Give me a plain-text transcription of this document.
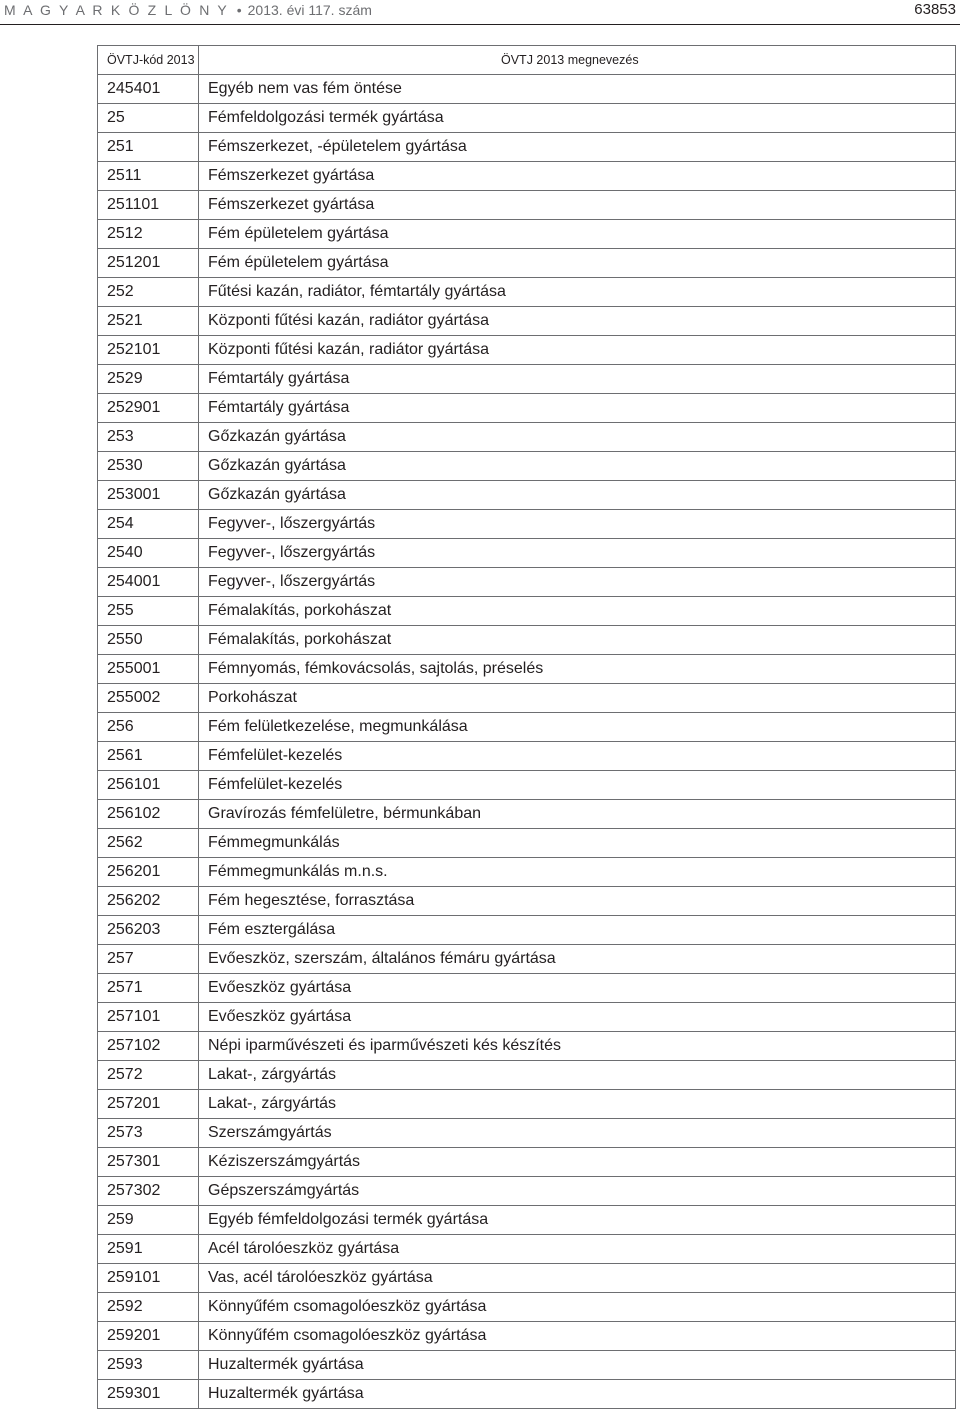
M A G Y A R K Ö Z L Ö N Y • 2013. évi 117. szám	63853
ÖVTJ-kód 2013	ÖVTJ 2013 megnevezés
245401	Egyéb nem vas fém öntése
25	Fémfeldolgozási termék gyártása
251	Fémszerkezet, -épületelem gyártása
2511	Fémszerkezet gyártása
251101	Fémszerkezet gyártása
2512	Fém épületelem gyártása
251201	Fém épületelem gyártása
252	Fűtési kazán, radiátor, fémtartály gyártása
2521	Központi fűtési kazán, radiátor gyártása
252101	Központi fűtési kazán, radiátor gyártása
2529	Fémtartály gyártása
252901	Fémtartály gyártása
253	Gőzkazán gyártása
2530	Gőzkazán gyártása
253001	Gőzkazán gyártása
254	Fegyver-, lőszergyártás
2540	Fegyver-, lőszergyártás
254001	Fegyver-, lőszergyártás
255	Fémalakítás, porkohászat
2550	Fémalakítás, porkohászat
255001	Fémnyomás, fémkovácsolás, sajtolás, préselés
255002	Porkohászat
256	Fém felületkezelése, megmunkálása
2561	Fémfelület-kezelés
256101	Fémfelület-kezelés
256102	Gravírozás fémfelületre, bérmunkában
2562	Fémmegmunkálás
256201	Fémmegmunkálás m.n.s.
256202	Fém hegesztése, forrasztása
256203	Fém esztergálása
257	Evőeszköz, szerszám, általános fémáru gyártása
2571	Evőeszköz gyártása
257101	Evőeszköz gyártása
257102	Népi iparművészeti és iparművészeti kés készítés
2572	Lakat-, zárgyártás
257201	Lakat-, zárgyártás
2573	Szerszámgyártás
257301	Kéziszerszámgyártás
257302	Gépszerszámgyártás
259	Egyéb fémfeldolgozási termék gyártása
2591	Acél tárolóeszköz gyártása
259101	Vas, acél tárolóeszköz gyártása
2592	Könnyűfém csomagolóeszköz gyártása
259201	Könnyűfém csomagolóeszköz gyártása
2593	Huzaltermék gyártása
259301	Huzaltermék gyártása
